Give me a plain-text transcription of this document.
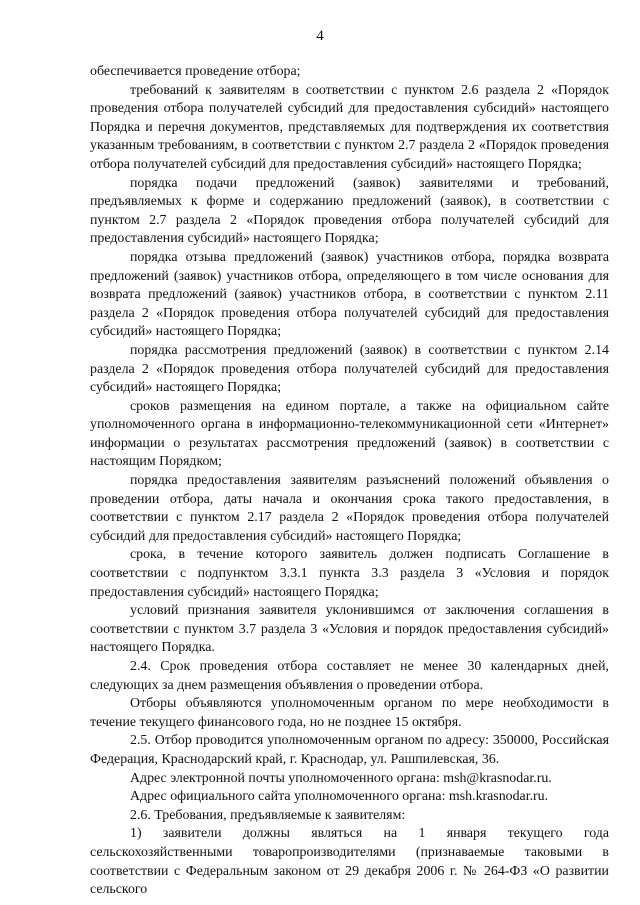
4

обеспечивается проведение отбора;

требований к заявителям в соответствии с пунктом 2.6 раздела 2 «Порядок проведения отбора получателей субсидий для предоставления субсидий» настоящего Порядка и перечня документов, представляемых для подтверждения их соответствия указанным требованиям, в соответствии с пунктом 2.7 раздела 2 «Порядок проведения отбора получателей субсидий для предоставления субсидий» настоящего Порядка;

порядка подачи предложений (заявок) заявителями и требований, предъявляемых к форме и содержанию предложений (заявок), в соответствии с пунктом 2.7 раздела 2 «Порядок проведения отбора получателей субсидий для предоставления субсидий» настоящего Порядка;

порядка отзыва предложений (заявок) участников отбора, порядка возврата предложений (заявок) участников отбора, определяющего в том числе основания для возврата предложений (заявок) участников отбора, в соответствии с пунктом 2.11 раздела 2 «Порядок проведения отбора получателей субсидий для предоставления субсидий» настоящего Порядка;

порядка рассмотрения предложений (заявок) в соответствии с пунктом 2.14 раздела 2 «Порядок проведения отбора получателей субсидий для предоставления субсидий» настоящего Порядка;

сроков размещения на едином портале, а также на официальном сайте уполномоченного органа в информационно-телекоммуникационной сети «Интернет» информации о результатах рассмотрения предложений (заявок) в соответствии с настоящим Порядком;

порядка предоставления заявителям разъяснений положений объявления о проведении отбора, даты начала и окончания срока такого предоставления, в соответствии с пунктом 2.17 раздела 2 «Порядок проведения отбора получателей субсидий для предоставления субсидий» настоящего Порядка;

срока, в течение которого заявитель должен подписать Соглашение в соответствии с подпунктом 3.3.1 пункта 3.3 раздела 3 «Условия и порядок предоставления субсидий» настоящего Порядка;

условий признания заявителя уклонившимся от заключения соглашения в соответствии с пунктом 3.7 раздела 3 «Условия и порядок предоставления субсидий» настоящего Порядка.

2.4. Срок проведения отбора составляет не менее 30 календарных дней, следующих за днем размещения объявления о проведении отбора.

Отборы объявляются уполномоченным органом по мере необходимости в течение текущего финансового года, но не позднее 15 октября.

2.5. Отбор проводится уполномоченным органом по адресу: 350000, Российская Федерация, Краснодарский край, г. Краснодар, ул. Рашпилевская, 36.

Адрес электронной почты уполномоченного органа: msh@krasnodar.ru.

Адрес официального сайта уполномоченного органа: msh.krasnodar.ru.

2.6. Требования, предъявляемые к заявителям:

1) заявители должны являться на 1 января текущего года сельскохозяйственными товаропроизводителями (признаваемые таковыми в соответствии с Федеральным законом от 29 декабря 2006 г. № 264-ФЗ «О развитии сельского
